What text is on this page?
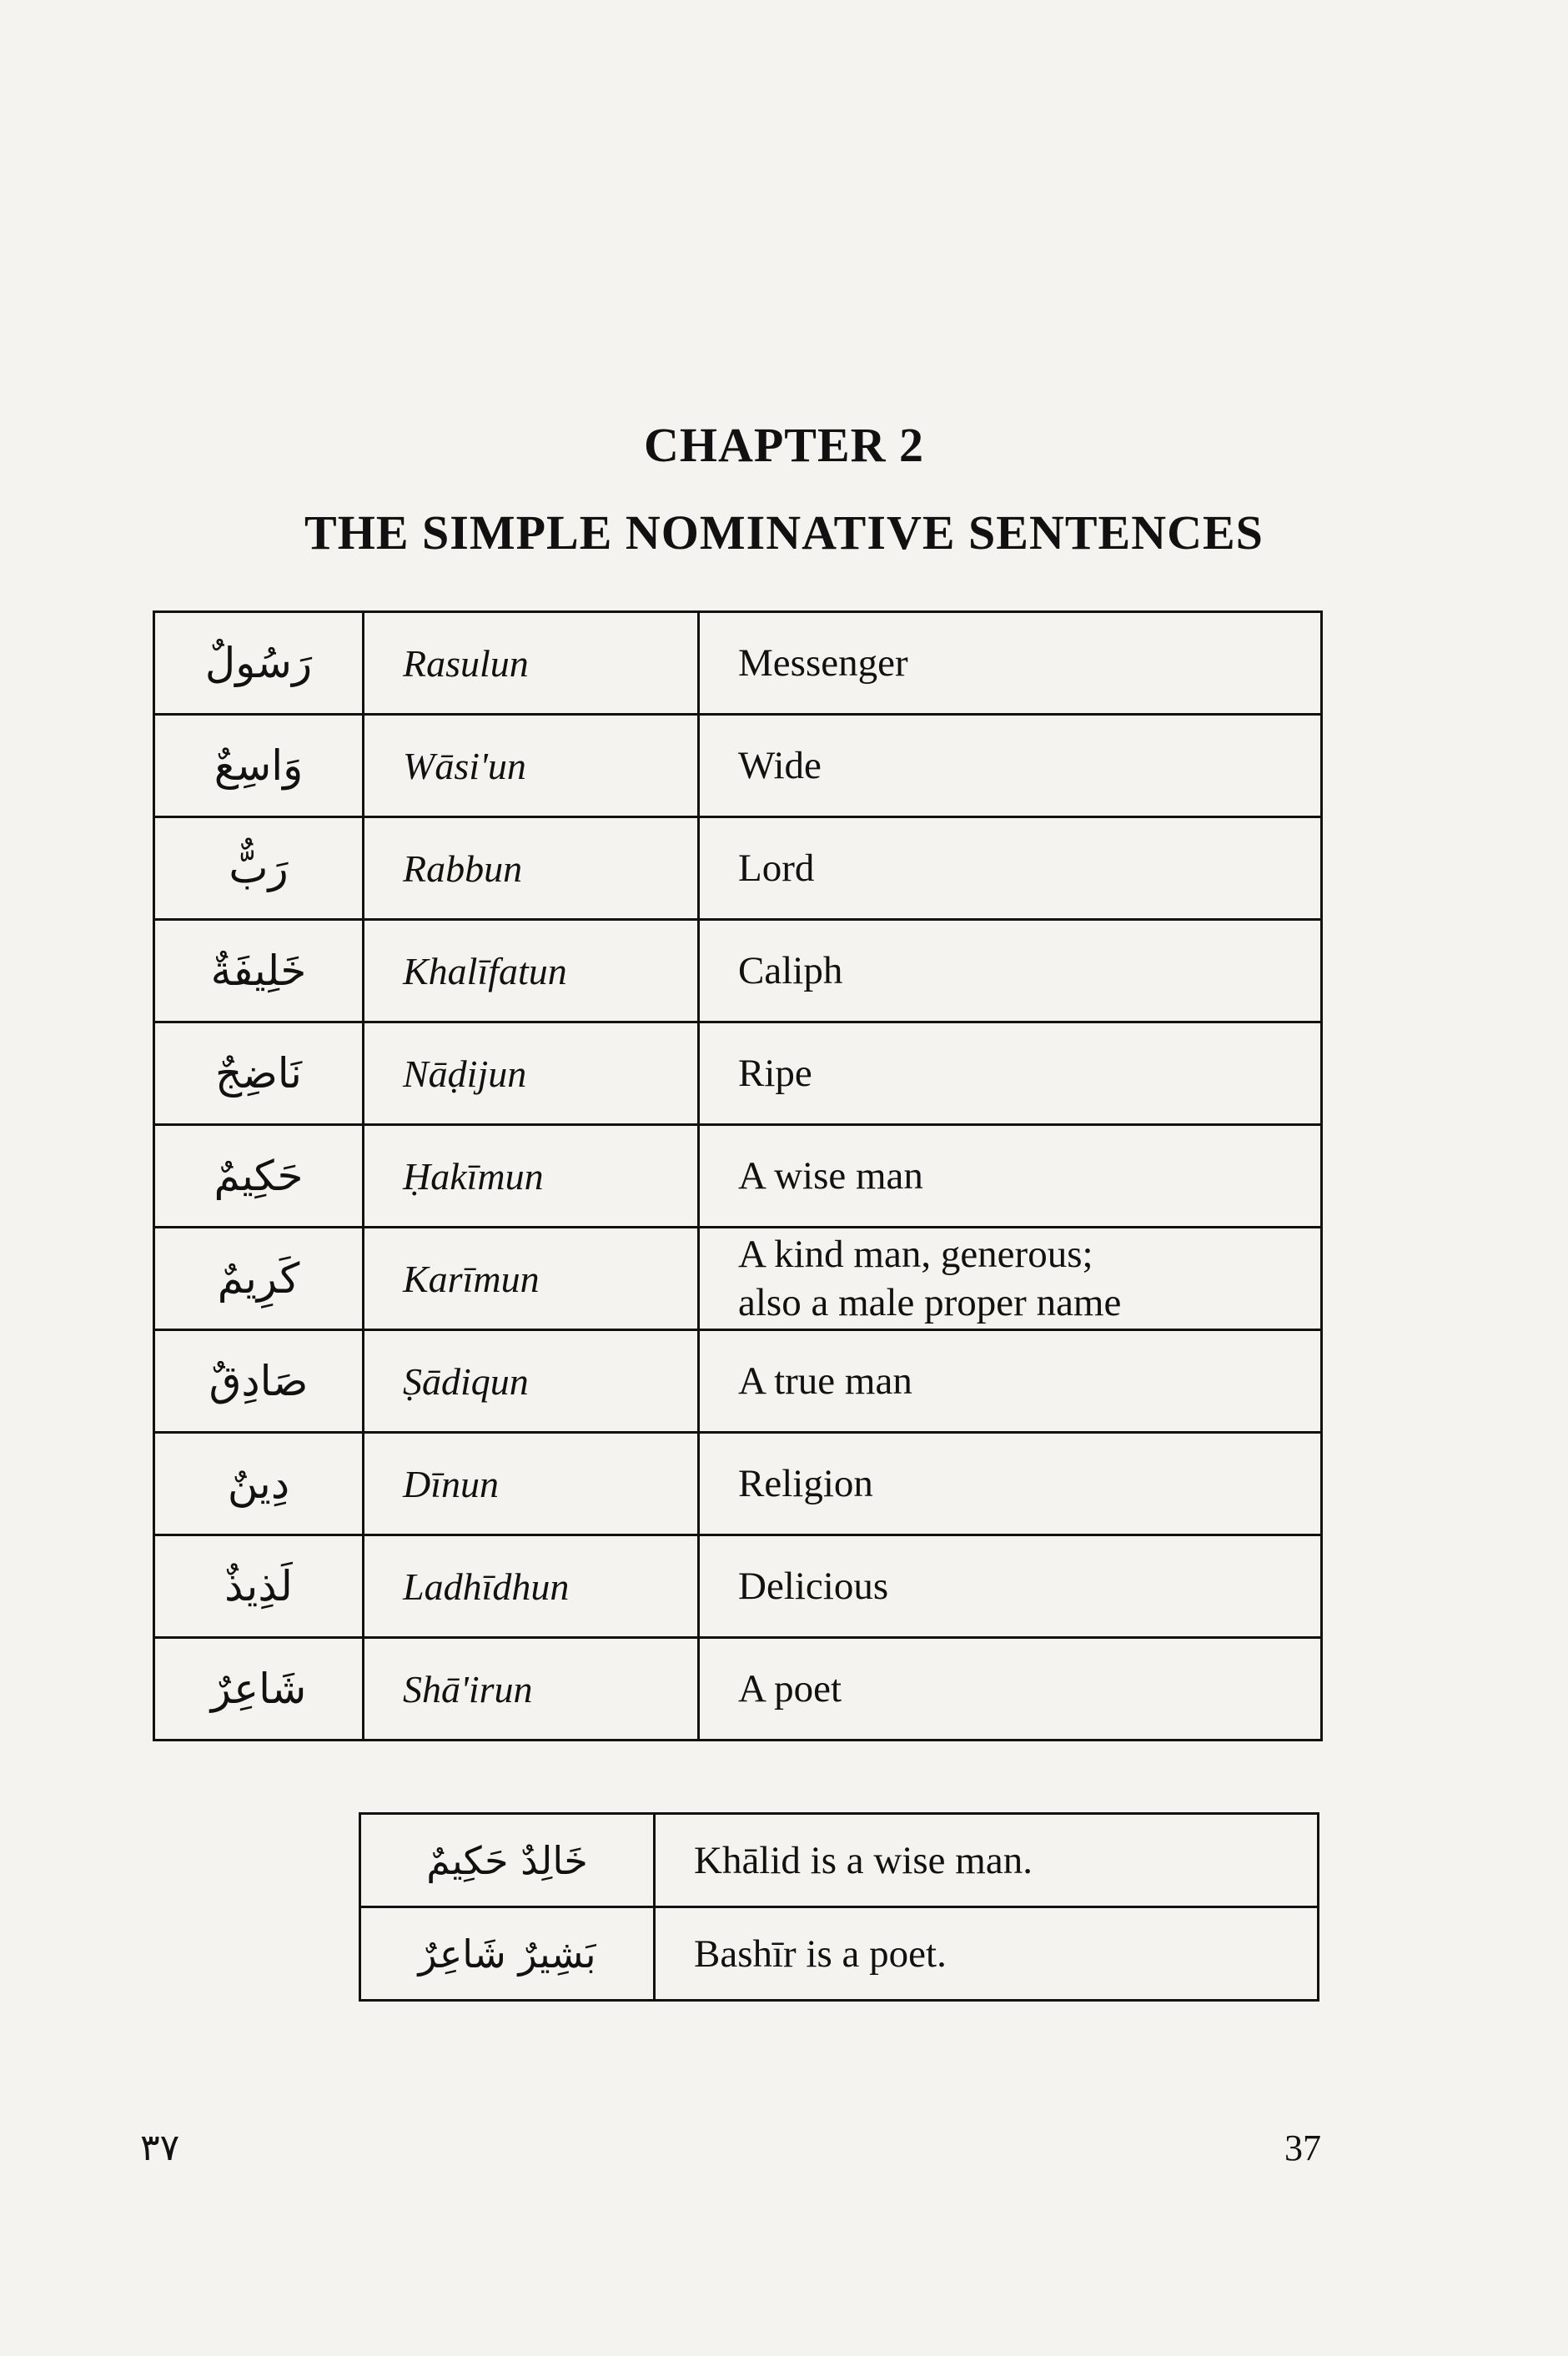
CHAPTER 2
THE SIMPLE NOMINATIVE SENTENCES
رَسُولٌ	Rasulun	Messenger
وَاسِعٌ	Wāsi'un	Wide
رَبٌّ	Rabbun	Lord
خَلِيفَةٌ	Khalīfatun	Caliph
نَاضِجٌ	Nāḍijun	Ripe
حَكِيمٌ	Ḥakīmun	A wise man
كَرِيمٌ	Karīmun	A kind man, generous;
also a male proper name

صَادِقٌ	Ṣādiqun	A true man
دِينٌ	Dīnun	Religion
لَذِيذٌ	Ladhīdhun	Delicious
شَاعِرٌ	Shā'irun	A poet
خَالِدٌ حَكِيمٌ	Khālid is a wise man.
بَشِيرٌ شَاعِرٌ	Bashīr is a poet.
٣٧	37
